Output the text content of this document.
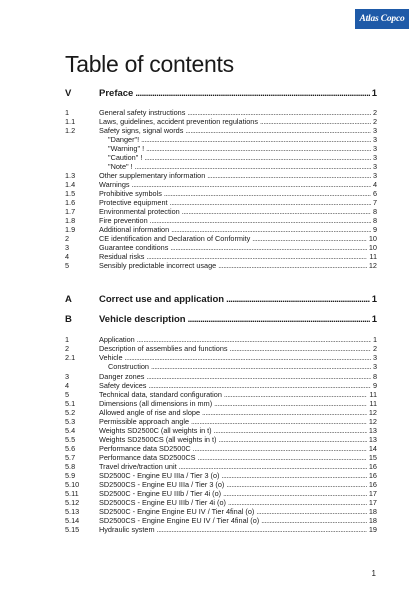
Atlas Copco
Table of contents
V	Preface . . .	1
1	General safety instructions . . .	2
1.1	Laws, guidelines, accident prevention regulations . . .	2
1.2	Safety signs, signal words . . .	3
"Danger"! . . .	3
"Warning" ! . . .	3
"Caution" ! . . .	3
"Note" ! . . .	3
1.3	Other supplementary information . . .	3
1.4	Warnings . . .	4
1.5	Prohibitive symbols . . .	6
1.6	Protective equipment . . .	7
1.7	Environmental protection . . .	8
1.8	Fire prevention . . .	8
1.9	Additional information . . .	9
2	CE identification and Declaration of Conformity . . .	10
3	Guarantee conditions . . .	10
4	Residual risks . . .	11
5	Sensibly predictable incorrect usage . . .	12
A	Correct use and application . . .	1
B	Vehicle description . . .	1
1	Application . . .	1
2	Description of assemblies and functions . . .	2
2.1	Vehicle . . .	3
Construction . . .	3
3	Danger zones . . .	8
4	Safety devices . . .	9
5	Technical data, standard configuration . . .	11
5.1	Dimensions (all dimensions in mm) . . .	11
5.2	Allowed angle of rise and slope . . .	12
5.3	Permissible approach angle . . .	12
5.4	Weights SD2500C (all weights in t) . . .	13
5.5	Weights SD2500CS (all weights in t) . . .	13
5.6	Performance data SD2500C . . .	14
5.7	Performance data SD2500CS . . .	15
5.8	Travel drive/traction unit . . .	16
5.9	SD2500C - Engine EU IIIa / Tier 3 (o) . . .	16
5.10	SD2500CS - Engine EU IIIa / Tier 3 (o) . . .	16
5.11	SD2500C - Engine EU IIIb / Tier 4i (o) . . .	17
5.12	SD2500CS - Engine EU IIIb / Tier 4i (o) . . .	17
5.13	SD2500C - Engine Engine EU IV / Tier 4final (o) . . .	18
5.14	SD2500CS - Engine Engine EU IV / Tier 4final (o) . . .	18
5.15	Hydraulic system . . .	19
1
